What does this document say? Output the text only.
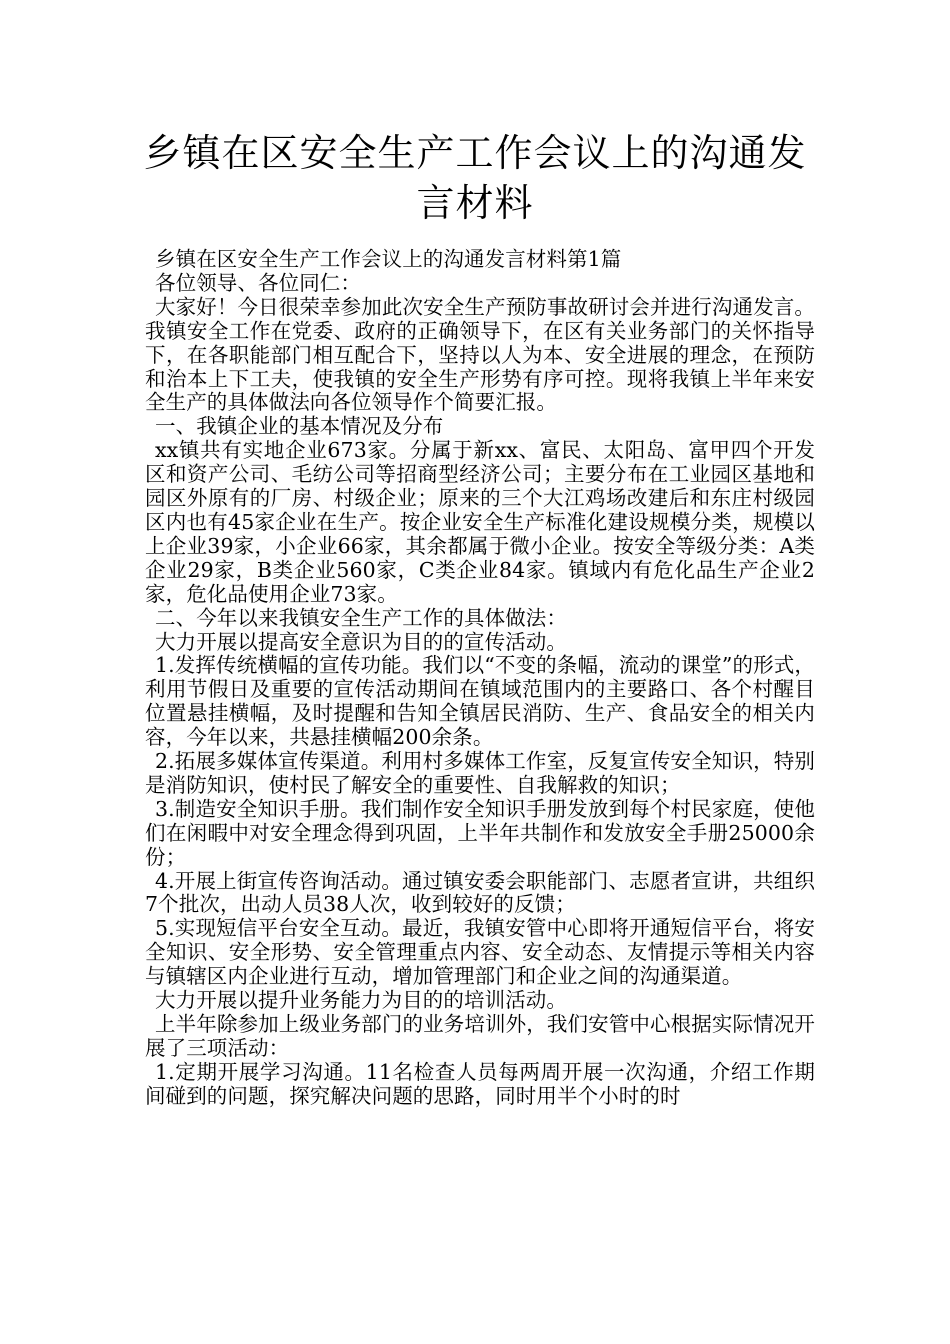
乡镇在区安全生产工作会议上的沟通发言材料

乡镇在区安全生产工作会议上的沟通发言材料第1篇

各位领导、各位同仁：

大家好！今日很荣幸参加此次安全生产预防事故研讨会并进行沟通发言。我镇安全工作在党委、政府的正确领导下，在区有关业务部门的关怀指导下，在各职能部门相互配合下，坚持以人为本、安全进展的理念，在预防和治本上下工夫，使我镇的安全生产形势有序可控。现将我镇上半年来安全生产的具体做法向各位领导作个简要汇报。

一、我镇企业的基本情况及分布

xx镇共有实地企业673家。分属于新xx、富民、太阳岛、富甲四个开发区和资产公司、毛纺公司等招商型经济公司；主要分布在工业园区基地和园区外原有的厂房、村级企业；原来的三个大江鸡场改建后和东庄村级园区内也有45家企业在生产。按企业安全生产标准化建设规模分类，规模以上企业39家，小企业66家，其余都属于微小企业。按安全等级分类：A类企业29家，B类企业560家，C类企业84家。镇域内有危化品生产企业2家，危化品使用企业73家。

二、今年以来我镇安全生产工作的具体做法：

大力开展以提高安全意识为目的的宣传活动。

1.发挥传统横幅的宣传功能。我们以“不变的条幅，流动的课堂”的形式，利用节假日及重要的宣传活动期间在镇域范围内的主要路口、各个村醒目位置悬挂横幅，及时提醒和告知全镇居民消防、生产、食品安全的相关内容，今年以来，共悬挂横幅200余条。

2.拓展多媒体宣传渠道。利用村多媒体工作室，反复宣传安全知识，特别是消防知识，使村民了解安全的重要性、自我解救的知识；

3.制造安全知识手册。我们制作安全知识手册发放到每个村民家庭，使他们在闲暇中对安全理念得到巩固，上半年共制作和发放安全手册25000余份；

4.开展上街宣传咨询活动。通过镇安委会职能部门、志愿者宣讲，共组织7个批次，出动人员38人次，收到较好的反馈；

5.实现短信平台安全互动。最近，我镇安管中心即将开通短信平台，将安全知识、安全形势、安全管理重点内容、安全动态、友情提示等相关内容与镇辖区内企业进行互动，增加管理部门和企业之间的沟通渠道。

大力开展以提升业务能力为目的的培训活动。

上半年除参加上级业务部门的业务培训外，我们安管中心根据实际情况开展了三项活动：

1.定期开展学习沟通。11名检查人员每两周开展一次沟通，介绍工作期间碰到的问题，探究解决问题的思路，同时用半个小时的时
